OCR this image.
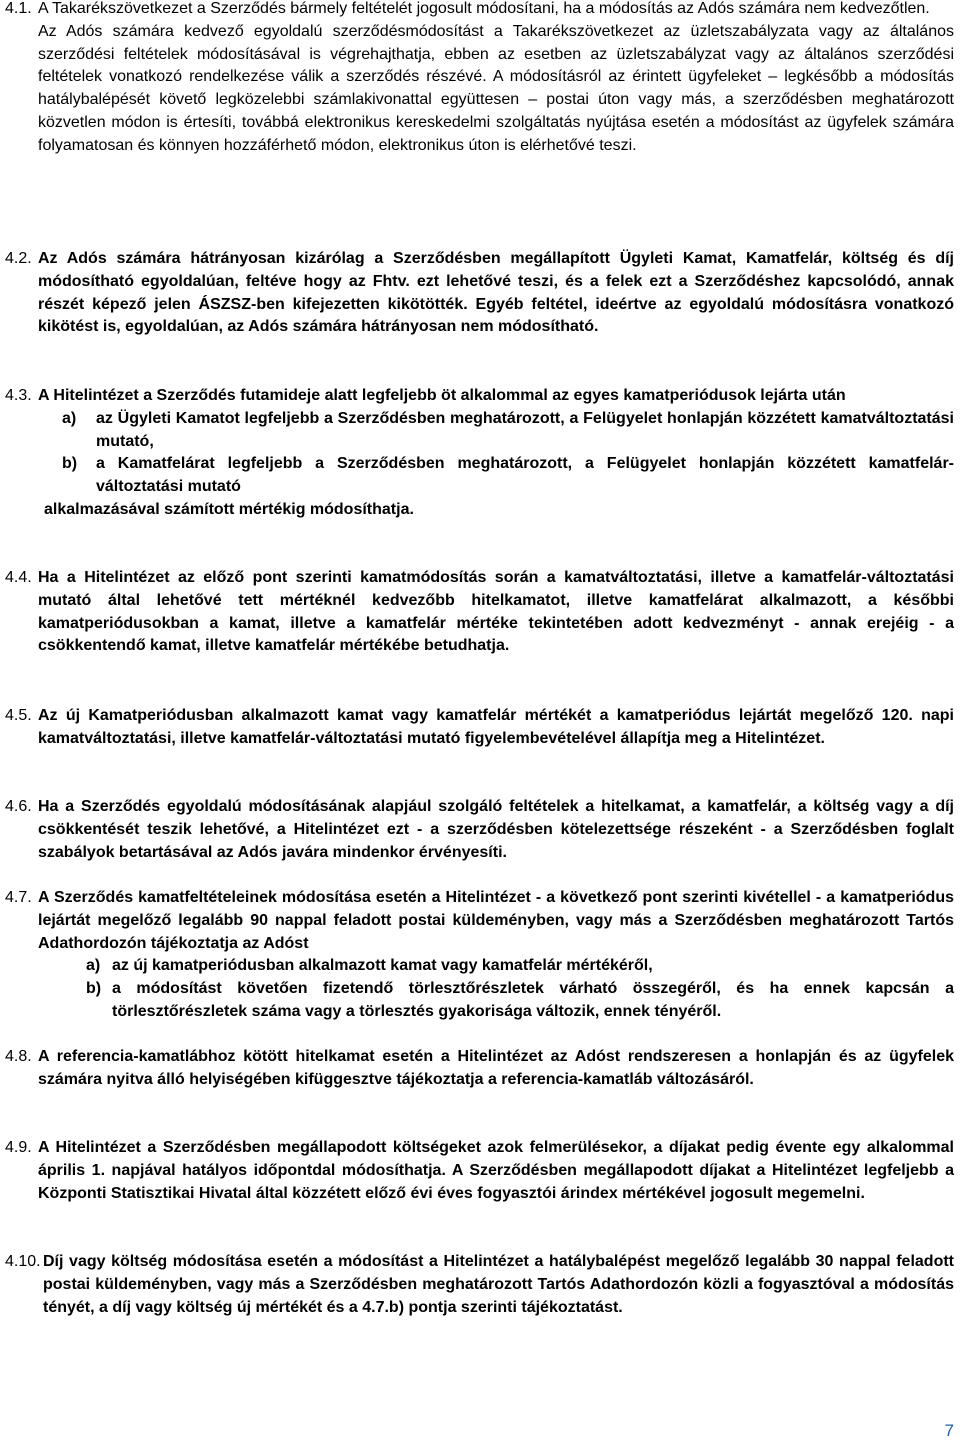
4.1. A Takarékszövetkezet a Szerződés bármely feltételét jogosult módosítani, ha a módosítás az Adós számára nem kedvezőtlen.

Az Adós számára kedvező egyoldalú szerződésmódosítást a Takarékszövetkezet az üzletszabályzata vagy az általános szerződési feltételek módosításával is végrehajthatja, ebben az esetben az üzletszabályzat vagy az általános szerződési feltételek vonatkozó rendelkezése válik a szerződés részévé. A módosításról az érintett ügyfeleket – legkésőbb a módosítás hatálybalépését követő legközelebbi számlakivonattal együttesen – postai úton vagy más, a szerződésben meghatározott közvetlen módon is értesíti, továbbá elektronikus kereskedelmi szolgáltatás nyújtása esetén a módosítást az ügyfelek számára folyamatosan és könnyen hozzáférhető módon, elektronikus úton is elérhetővé teszi.

4.2. Az Adós számára hátrányosan kizárólag a Szerződésben megállapított Ügyleti Kamat, Kamatfelár, költség és díj módosítható egyoldalúan, feltéve hogy az Fhtv. ezt lehetővé teszi, és a felek ezt a Szerződéshez kapcsolódó, annak részét képező jelen ÁSZSZ-ben kifejezetten kikötötték. Egyéb feltétel, ideértve az egyoldalú módosításra vonatkozó kikötést is, egyoldalúan, az Adós számára hátrányosan nem módosítható.

4.3. A Hitelintézet a Szerződés futamideje alatt legfeljebb öt alkalommal az egyes kamatperiódusok lejárta után

a) az Ügyleti Kamatot legfeljebb a Szerződésben meghatározott, a Felügyelet honlapján közzétett kamatváltoztatási mutató,
b) a Kamatfelárat legfeljebb a Szerződésben meghatározott, a Felügyelet honlapján közzétett kamatfelár-változtatási mutató

alkalmazásával számított mértékig módosíthatja.

4.4. Ha a Hitelintézet az előző pont szerinti kamatmódosítás során a kamatváltoztatási, illetve a kamatfelár-változtatási mutató által lehetővé tett mértéknél kedvezőbb hitelkamatot, illetve kamatfelárat alkalmazott, a későbbi kamatperiódusokban a kamat, illetve a kamatfelár mértéke tekintetében adott kedvezményt - annak erejéig - a csökkentendő kamat, illetve kamatfelár mértékébe betudhatja.

4.5. Az új Kamatperiódusban alkalmazott kamat vagy kamatfelár mértékét a kamatperiódus lejártát megelőző 120. napi kamatváltoztatási, illetve kamatfelár-változtatási mutató figyelembevételével állapítja meg a Hitelintézet.

4.6. Ha a Szerződés egyoldalú módosításának alapjául szolgáló feltételek a hitelkamat, a kamatfelár, a költség vagy a díj csökkentését teszik lehetővé, a Hitelintézet ezt - a szerződésben kötelezettsége részeként - a Szerződésben foglalt szabályok betartásával az Adós javára mindenkor érvényesíti.

4.7. A Szerződés kamatfeltételeinek módosítása esetén a Hitelintézet - a következő pont szerinti kivétellel - a kamatperiódus lejártát megelőző legalább 90 nappal feladott postai küldeményben, vagy más a Szerződésben meghatározott Tartós Adathordozón tájékoztatja az Adóst

a) az új kamatperiódusban alkalmazott kamat vagy kamatfelár mértékéről,
b) a módosítást követően fizetendő törlesztőrészletek várható összegéről, és ha ennek kapcsán a törlesztőrészletek száma vagy a törlesztés gyakorisága változik, ennek tényéről.
4.8. A referencia-kamatlábhoz kötött hitelkamat esetén a Hitelintézet az Adóst rendszeresen a honlapján és az ügyfelek számára nyitva álló helyiségében kifüggesztve tájékoztatja a referencia-kamatláb változásáról.

4.9. A Hitelintézet a Szerződésben megállapodott költségeket azok felmerülésekor, a díjakat pedig évente egy alkalommal április 1. napjával hatályos időpontdal módosíthatja. A Szerződésben megállapodott díjakat a Hitelintézet legfeljebb a Központi Statisztikai Hivatal által közzétett előző évi éves fogyasztói árindex mértékével jogosult megemelni.

4.10. Díj vagy költség módosítása esetén a módosítást a Hitelintézet a hatálybalépést megelőző legalább 30 nappal feladott postai küldeményben, vagy más a Szerződésben meghatározott Tartós Adathordozón közli a fogyasztóval a módosítás tényét, a díj vagy költség új mértékét és a 4.7.b) pontja szerinti tájékoztatást.

7
